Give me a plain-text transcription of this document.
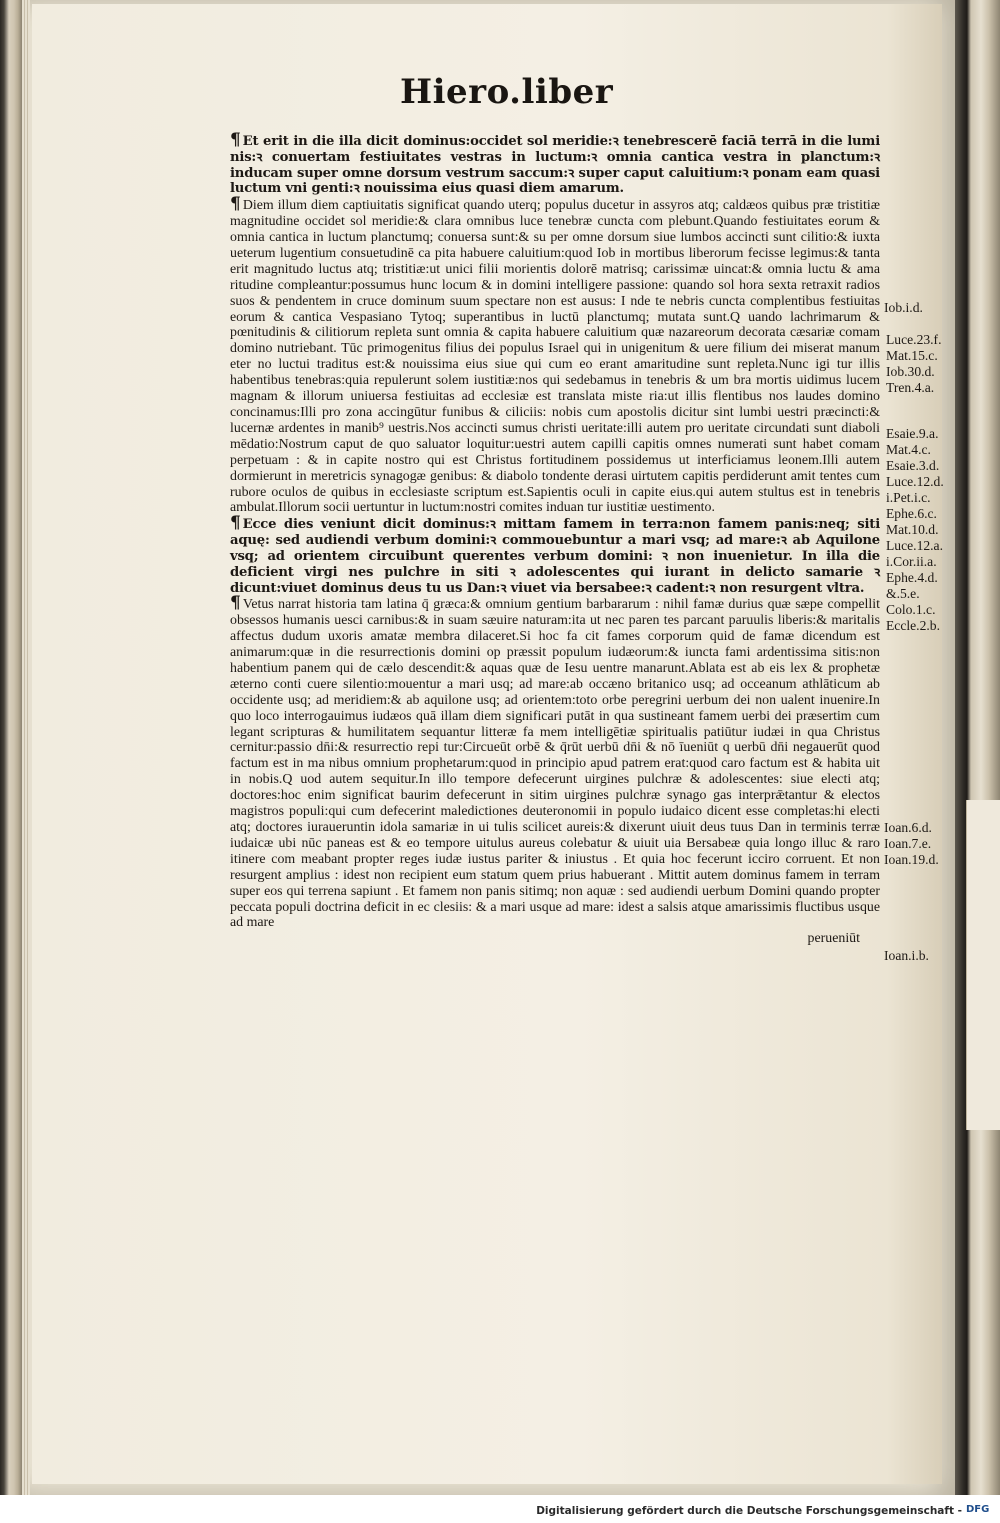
Hiero.liber

¶ Et erit in die illa dicit dominus:occidet sol meridie:ꝛ tenebrescerē faciā terrā in die lumi nis:ꝛ conuertam festiuitates vestras in luctum:ꝛ omnia cantica vestra in planctum:ꝛ inducam super omne dorsum vestrum saccum:ꝛ super caput caluitium:ꝛ ponam eam quasi luctum vni genti:ꝛ nouissima eius quasi diem amarum.

¶ Diem illum diem captiuitatis significat quando uterq; populus ducetur in assyros atq; caldæos quibus præ tristitiæ magnitudine occidet sol meridie:& clara omnibus luce tenebræ cuncta com plebunt.Quando festiuitates eorum & omnia cantica in luctum planctumq; conuersa sunt:& su per omne dorsum siue lumbos accincti sunt cilitio:& iuxta ueterum lugentium consuetudinē ca pita habuere caluitium:quod Iob in mortibus liberorum fecisse legimus:& tanta erit magnitudo luctus atq; tristitiæ:ut unici filii morientis dolorē matrisq; carissimæ uincat:& omnia luctu & ama ritudine compleantur:possumus hunc locum & in domini intelligere passione: quando sol hora sexta retraxit radios suos & pendentem in cruce dominum suum spectare non est ausus: I nde te nebris cuncta complentibus festiuitas eorum & cantica Vespasiano Tytoq; superantibus in luctū planctumq; mutata sunt.Q uando lachrimarum & pœnitudinis & cilitiorum repleta sunt omnia & capita habuere caluitium quæ nazareorum decorata cæsariæ comam domino nutriebant. Tūc primogenitus filius dei populus Israel qui in unigenitum & uere filium dei miserat manum eter no luctui traditus est:& nouissima eius siue qui cum eo erant amaritudine sunt repleta.Nunc igi tur illis habentibus tenebras:quia repulerunt solem iustitiæ:nos qui sedebamus in tenebris & um bra mortis uidimus lucem magnam & illorum uniuersa festiuitas ad ecclesiæ est translata miste ria:ut illis flentibus nos laudes domino concinamus:Illi pro zona accingūtur funibus & ciliciis: nobis cum apostolis dicitur sint lumbi uestri præcincti:& lucernæ ardentes in manib⁹ uestris.Nos accincti sumus christi ueritate:illi autem pro ueritate circundati sunt diaboli mēdatio:Nostrum caput de quo saluator loquitur:uestri autem capilli capitis omnes numerati sunt habet comam perpetuam : & in capite nostro qui est Christus fortitudinem possidemus ut interficiamus leonem.Illi autem dormierunt in meretricis synagogæ genibus: & diabolo tondente derasi uirtutem capitis perdiderunt amit tentes cum rubore oculos de quibus in ecclesiaste scriptum est.Sapientis oculi in capite eius.qui autem stultus est in tenebris ambulat.Illorum socii uertuntur in luctum:nostri comites induan tur iustitiæ uestimento.

¶ Ecce dies veniunt dicit dominus:ꝛ mittam famem in terra:non famem panis:neq; siti aquę: sed audiendi verbum domini:ꝛ commouebuntur a mari vsq; ad mare:ꝛ ab Aquilone vsq; ad orientem circuibunt querentes verbum domini: ꝛ non inuenietur. In illa die deficient virgi nes pulchre in siti ꝛ adolescentes qui iurant in delicto samarie ꝛ dicunt:viuet dominus deus tu us Dan:ꝛ viuet via bersabee:ꝛ cadent:ꝛ non resurgent vltra.

¶ Vetus narrat historia tam latina q̄ græca:& omnium gentium barbararum : nihil famæ durius quæ sæpe compellit obsessos humanis uesci carnibus:& in suam sæuire naturam:ita ut nec paren tes parcant paruulis liberis:& maritalis affectus dudum uxoris amatæ membra dilaceret.Si hoc fa cit fames corporum quid de famæ dicendum est animarum:quæ in die resurrectionis domini op præssit populum iudæorum:& iuncta fami ardentissima sitis:non habentium panem qui de cælo descendit:& aquas quæ de Iesu uentre manarunt.Ablata est ab eis lex & prophetæ æterno conti cuere silentio:mouentur a mari usq; ad mare:ab occæno britanico usq; ad occeanum athlāticum ab occidente usq; ad meridiem:& ab aquilone usq; ad orientem:toto orbe peregrini uerbum dei non ualent inuenire.In quo loco interrogauimus iudæos quā illam diem significari putāt in qua sustineant famem uerbi dei præsertim cum legant scripturas & humilitatem sequantur litteræ fa mem intelligētiæ spiritualis patiūtur iudæi in qua Christus cernitur:passio dn̄i:& resurrectio repi tur:Circueūt orbē & q̄rūt uerbū dn̄i & nō īueniūt q uerbū dn̄i negauerūt quod factum est in ma nibus omnium prophetarum:quod in principio apud patrem erat:quod caro factum est & habita uit in nobis.Q uod autem sequitur.In illo tempore defecerunt uirgines pulchræ & adolescentes: siue electi atq; doctores:hoc enim significat baurim defecerunt in sitim uirgines pulchræ synago gas interprǣtantur & electos magistros populi:qui cum defecerint maledictiones deuteronomii in populo iudaico dicent esse completas:hi electi atq; doctores iuraueruntin idola samariæ in ui tulis scilicet aureis:& dixerunt uiuit deus tuus Dan in terminis terræ iudaicæ ubi nūc paneas est & eo tempore uitulus aureus colebatur & uiuit uia Bersabeæ quia longo illuc & raro itinere com meabant propter reges iudæ iustus pariter & iniustus . Et quia hoc fecerunt icciro corruent. Et non resurgent amplius : idest non recipient eum statum quem prius habuerant . Mittit autem dominus famem in terram super eos qui terrena sapiunt . Et famem non panis sitimq; non aquæ : sed audiendi uerbum Domini quando propter peccata populi doctrina deficit in ec clesiis: & a mari usque ad mare: idest a salsis atque amarissimis fluctibus usque ad mare

perueniūt
Iob.i.d.
Luce.23.f.
Mat.15.c.
Iob.30.d.
Tren.4.a.
Esaie.9.a.
Mat.4.c.
Esaie.3.d.
Luce.12.d.
i.Pet.i.c.
Ephe.6.c.
Mat.10.d.
Luce.12.a.
i.Cor.ii.a.
Ephe.4.d.
&.5.e.
Colo.1.c.
Eccle.2.b.
Ioan.6.d.
Ioan.7.e.
Ioan.19.d.
Ioan.i.b.
Digitalisierung gefördert durch die Deutsche Forschungsgemeinschaft - DFG
